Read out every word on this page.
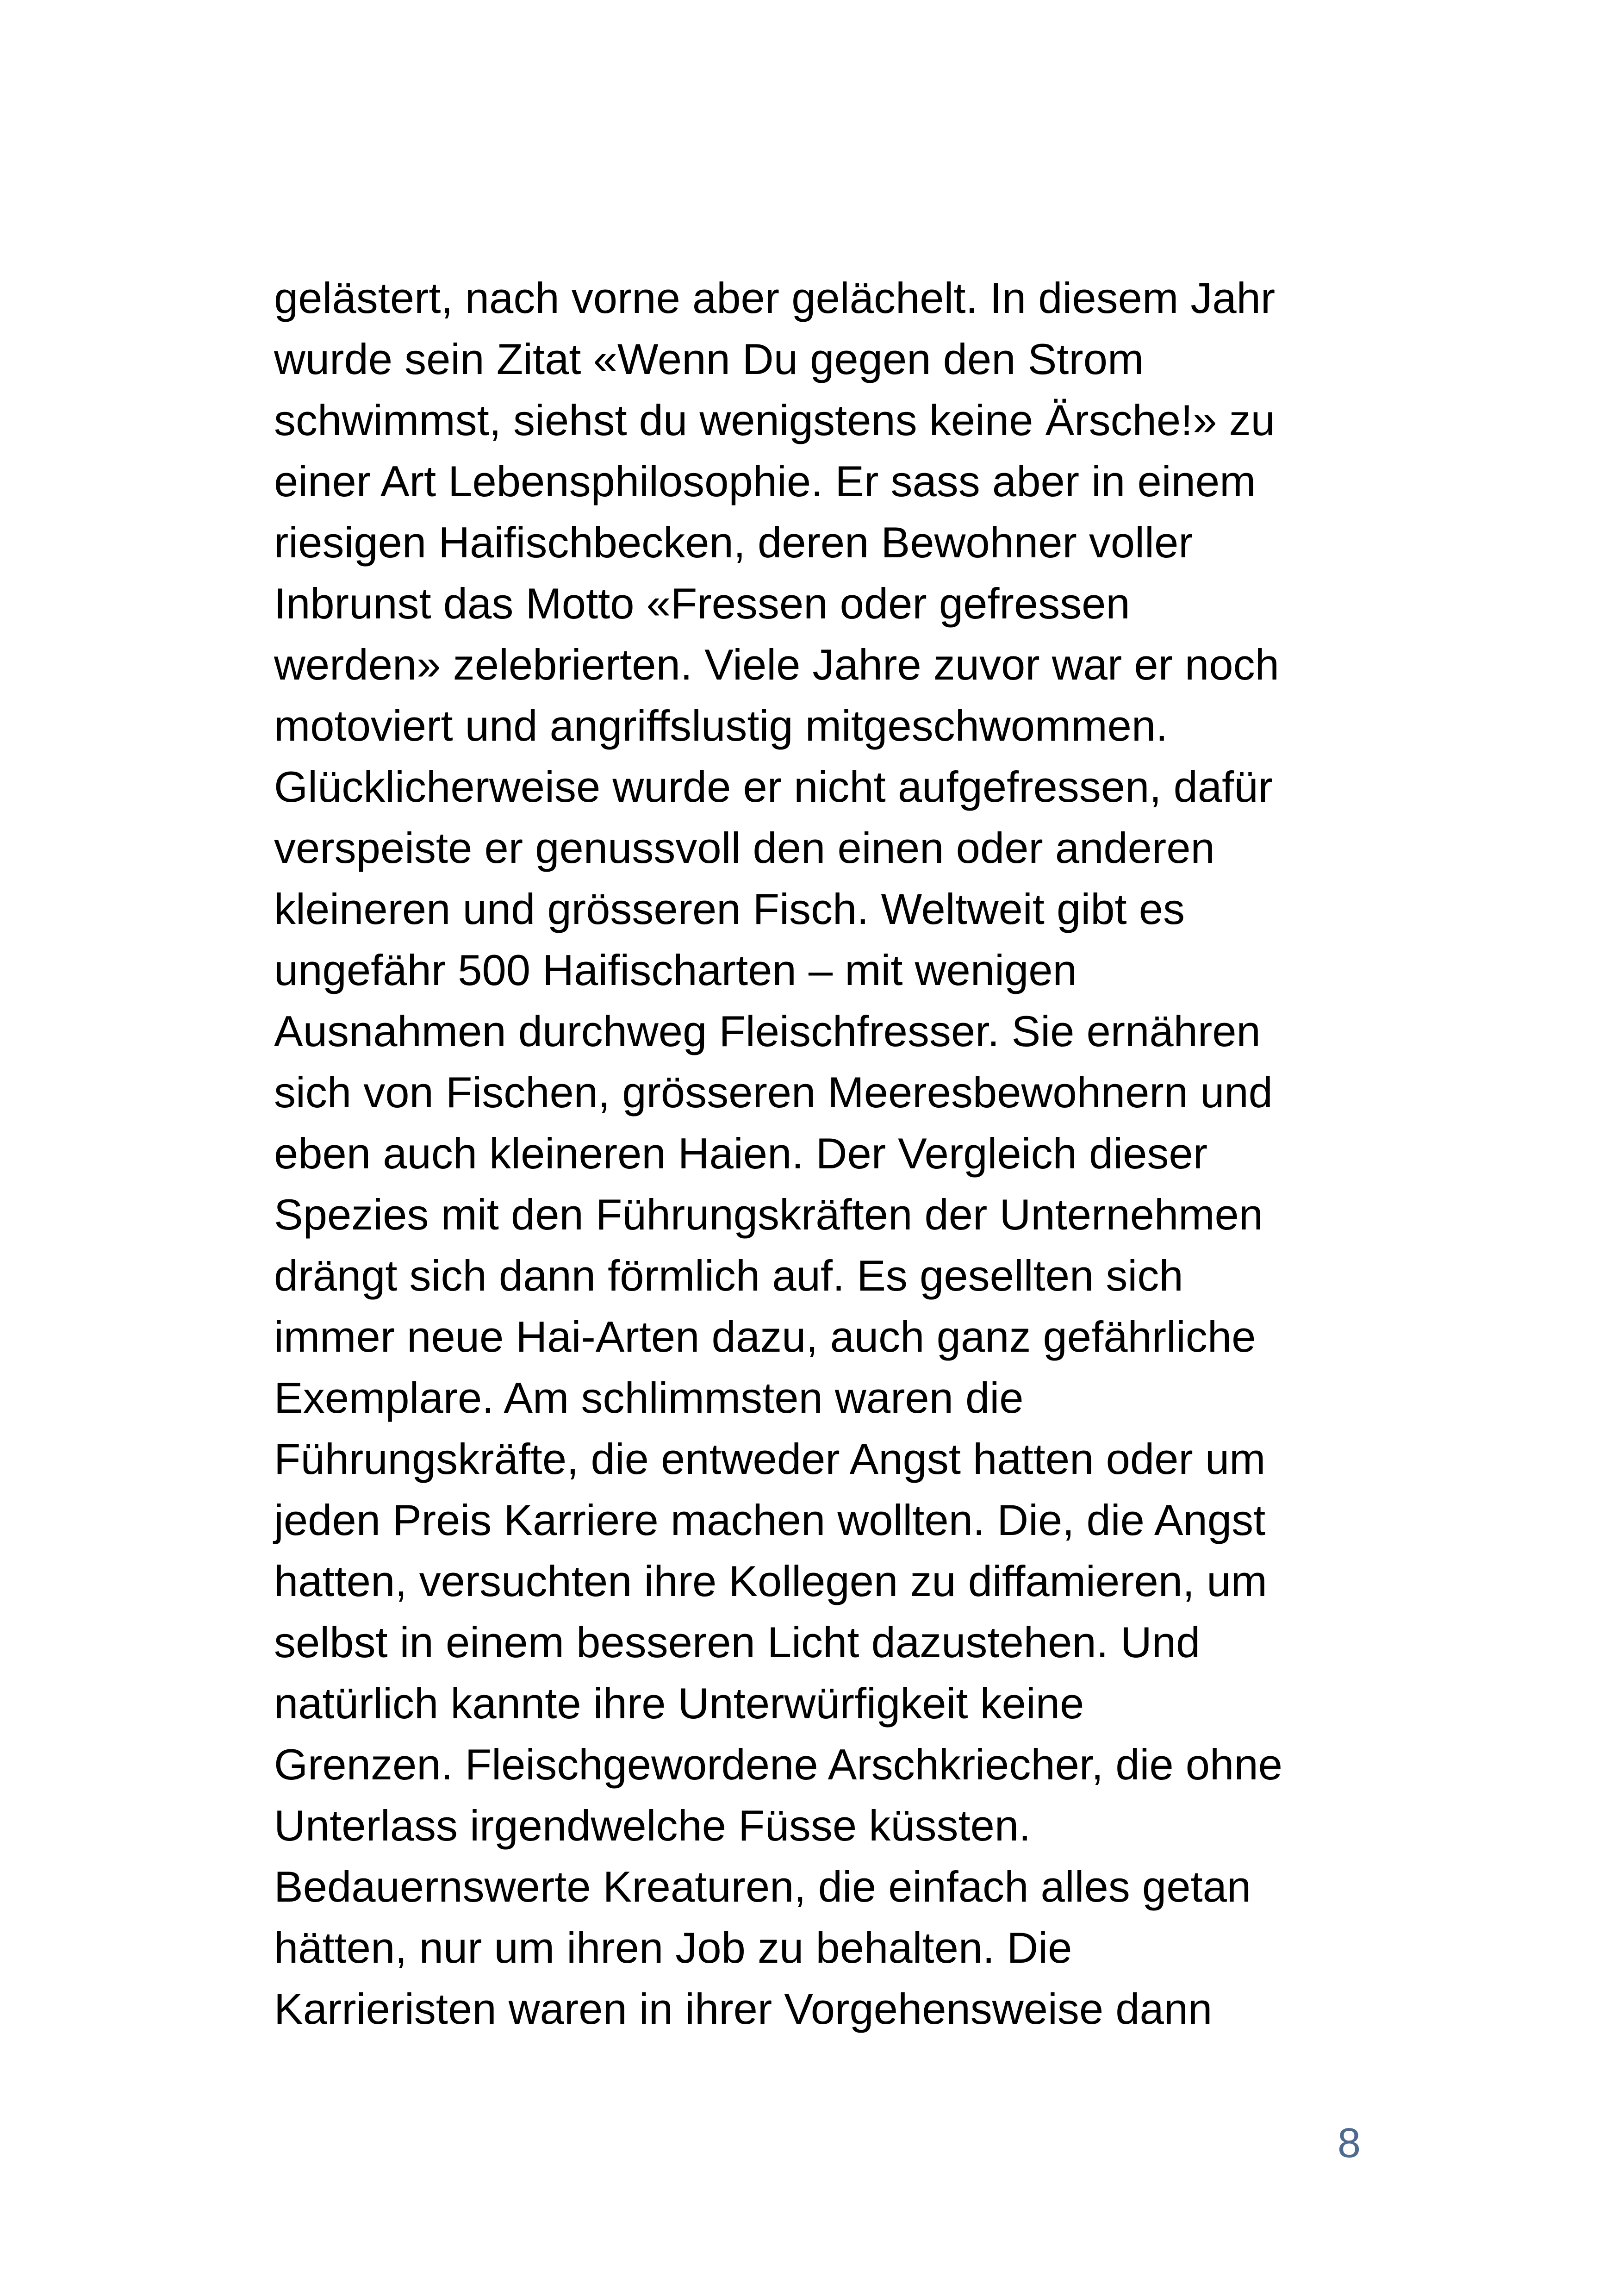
gelästert, nach vorne aber gelächelt. In diesem Jahr
wurde sein Zitat «Wenn Du gegen den Strom
schwimmst, siehst du wenigstens keine Ärsche!» zu
einer Art Lebensphilosophie. Er sass aber in einem
riesigen Haifischbecken, deren Bewohner voller
Inbrunst das Motto «Fressen oder gefressen
werden» zelebrierten. Viele Jahre zuvor war er noch
motoviert und angriffslustig mitgeschwommen.
Glücklicherweise wurde er nicht aufgefressen, dafür
verspeiste er genussvoll den einen oder anderen
kleineren und grösseren Fisch. Weltweit gibt es
ungefähr 500 Haifischarten – mit wenigen
Ausnahmen durchweg Fleischfresser. Sie ernähren
sich von Fischen, grösseren Meeresbewohnern und
eben auch kleineren Haien. Der Vergleich dieser
Spezies mit den Führungskräften der Unternehmen
drängt sich dann förmlich auf. Es gesellten sich
immer neue Hai-Arten dazu, auch ganz gefährliche
Exemplare. Am schlimmsten waren die
Führungskräfte, die entweder Angst hatten oder um
jeden Preis Karriere machen wollten. Die, die Angst
hatten, versuchten ihre Kollegen zu diffamieren, um
selbst in einem besseren Licht dazustehen. Und
natürlich kannte ihre Unterwürfigkeit keine
Grenzen. Fleischgewordene Arschkriecher, die ohne
Unterlass irgendwelche Füsse küssten.
Bedauernswerte Kreaturen, die einfach alles getan
hätten, nur um ihren Job zu behalten. Die
Karrieristen waren in ihrer Vorgehensweise dann
8
